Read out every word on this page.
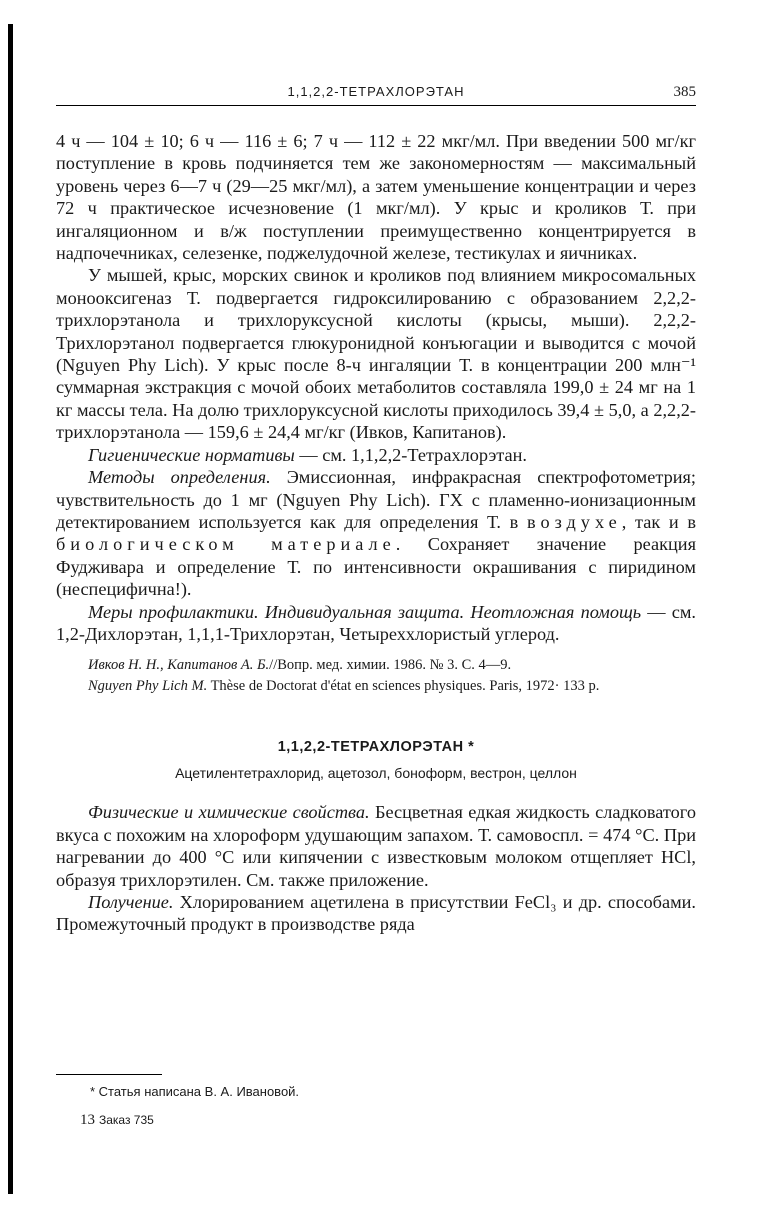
1,1,2,2-ТЕТРАХЛОРЭТАН	385

4 ч — 104 ± 10; 6 ч — 116 ± 6; 7 ч — 112 ± 22 мкг/мл. При введении 500 мг/кг поступление в кровь подчиняется тем же закономерностям — максимальный уровень через 6—7 ч (29—25 мкг/мл), а затем уменьшение концентрации и через 72 ч практическое исчезновение (1 мкг/мл). У крыс и кроликов Т. при ингаляционном и в/ж поступлении преимущественно концентрируется в надпочечниках, селезенке, поджелудочной железе, тестикулах и яичниках.

У мышей, крыс, морских свинок и кроликов под влиянием микросомальных монооксигеназ Т. подвергается гидроксилированию с образованием 2,2,2-трихлорэтанола и трихлоруксусной кислоты (крысы, мыши). 2,2,2-Трихлорэтанол подвергается глюкуронидной конъюгации и выводится с мочой (Nguyen Phy Lich). У крыс после 8-ч ингаляции Т. в концентрации 200 млн⁻¹ суммарная экстракция с мочой обоих метаболитов составляла 199,0 ± 24 мг на 1 кг массы тела. На долю трихлоруксусной кислоты приходилось 39,4 ± 5,0, а 2,2,2-трихлорэтанола — 159,6 ± 24,4 мг/кг (Ивков, Капитанов).

Гигиенические нормативы — см. 1,1,2,2-Тетрахлорэтан.

Методы определения. Эмиссионная, инфракрасная спектрофотометрия; чувствительность до 1 мг (Nguyen Phy Lich). ГХ с пламенно-ионизационным детектированием используется как для определения Т. в воздухе, так и в биологическом материале. Сохраняет значение реакция Фудживара и определение Т. по интенсивности окрашивания с пиридином (неспецифична!).

Меры профилактики. Индивидуальная защита. Неотложная помощь — см. 1,2-Дихлорэтан, 1,1,1-Трихлорэтан, Четыреххлористый углерод.

Ивков Н. Н., Капитанов А. Б.//Вопр. мед. химии. 1986. № 3. С. 4—9.

Nguyen Phy Lich M. Thèse de Doctorat d'état en sciences physiques. Paris, 1972· 133 p.

1,1,2,2-ТЕТРАХЛОРЭТАН *
Ацетилентетрахлорид, ацетозол, боноформ, вестрон, целлон

Физические и химические свойства. Бесцветная едкая жидкость сладковатого вкуса с похожим на хлороформ удушающим запахом. Т. самовоспл. = 474 °С. При нагревании до 400 °С или кипячении с известковым молоком отщепляет HCl, образуя трихлорэтилен. См. также приложение.

Получение. Хлорированием ацетилена в присутствии FeCl₃ и др. способами. Промежуточный продукт в производстве ряда

* Статья написана В. А. Ивановой.
13 Заказ 735
